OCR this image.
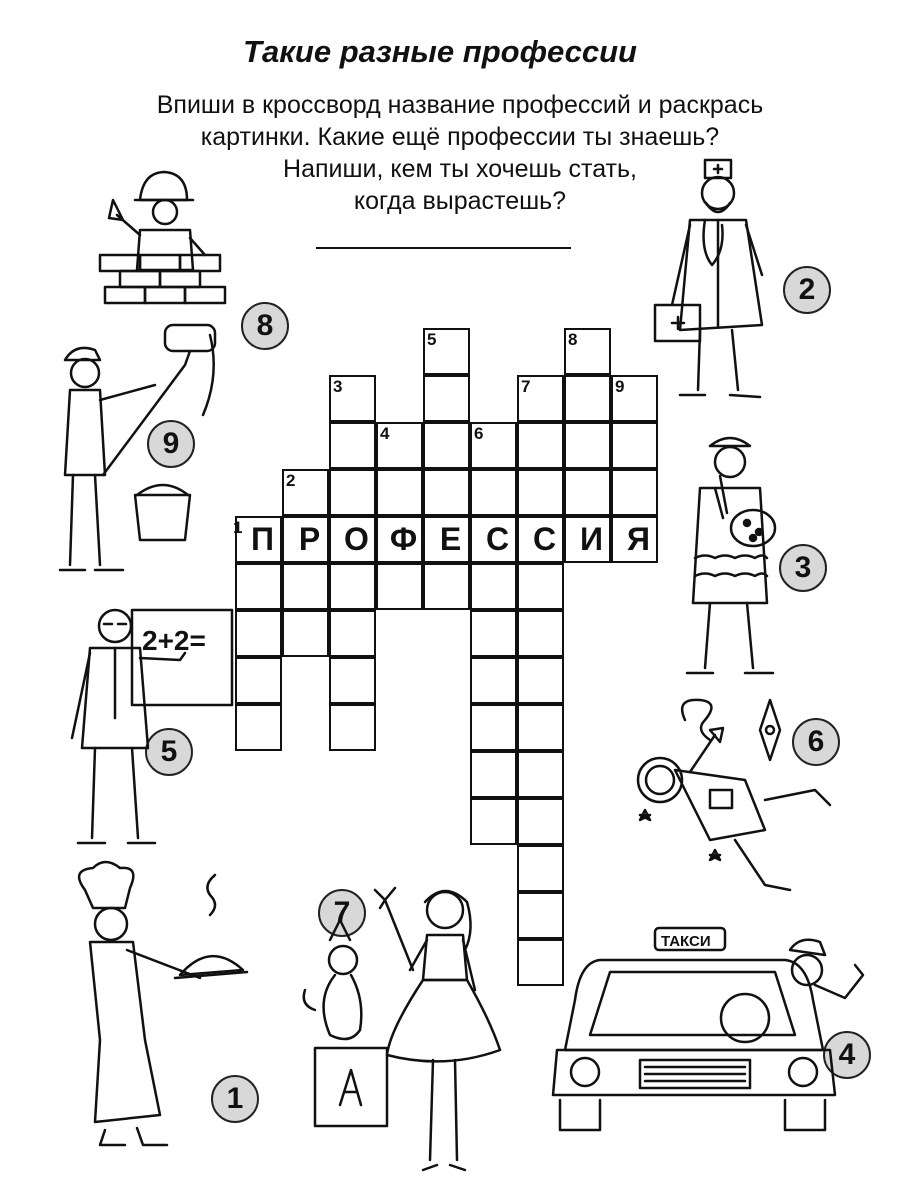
Такие разные профессии
Впиши в кроссворд название профессий и раскрась
картинки. Какие ещё профессии ты знаешь?
Напиши, кем ты хочешь стать,
когда вырастешь?
1
2
3
4
5
6
7
8
9
П Р О Ф Е С С И Я
8
2
9
3
5	6
7
1
4
2+2=
ТАКСИ
